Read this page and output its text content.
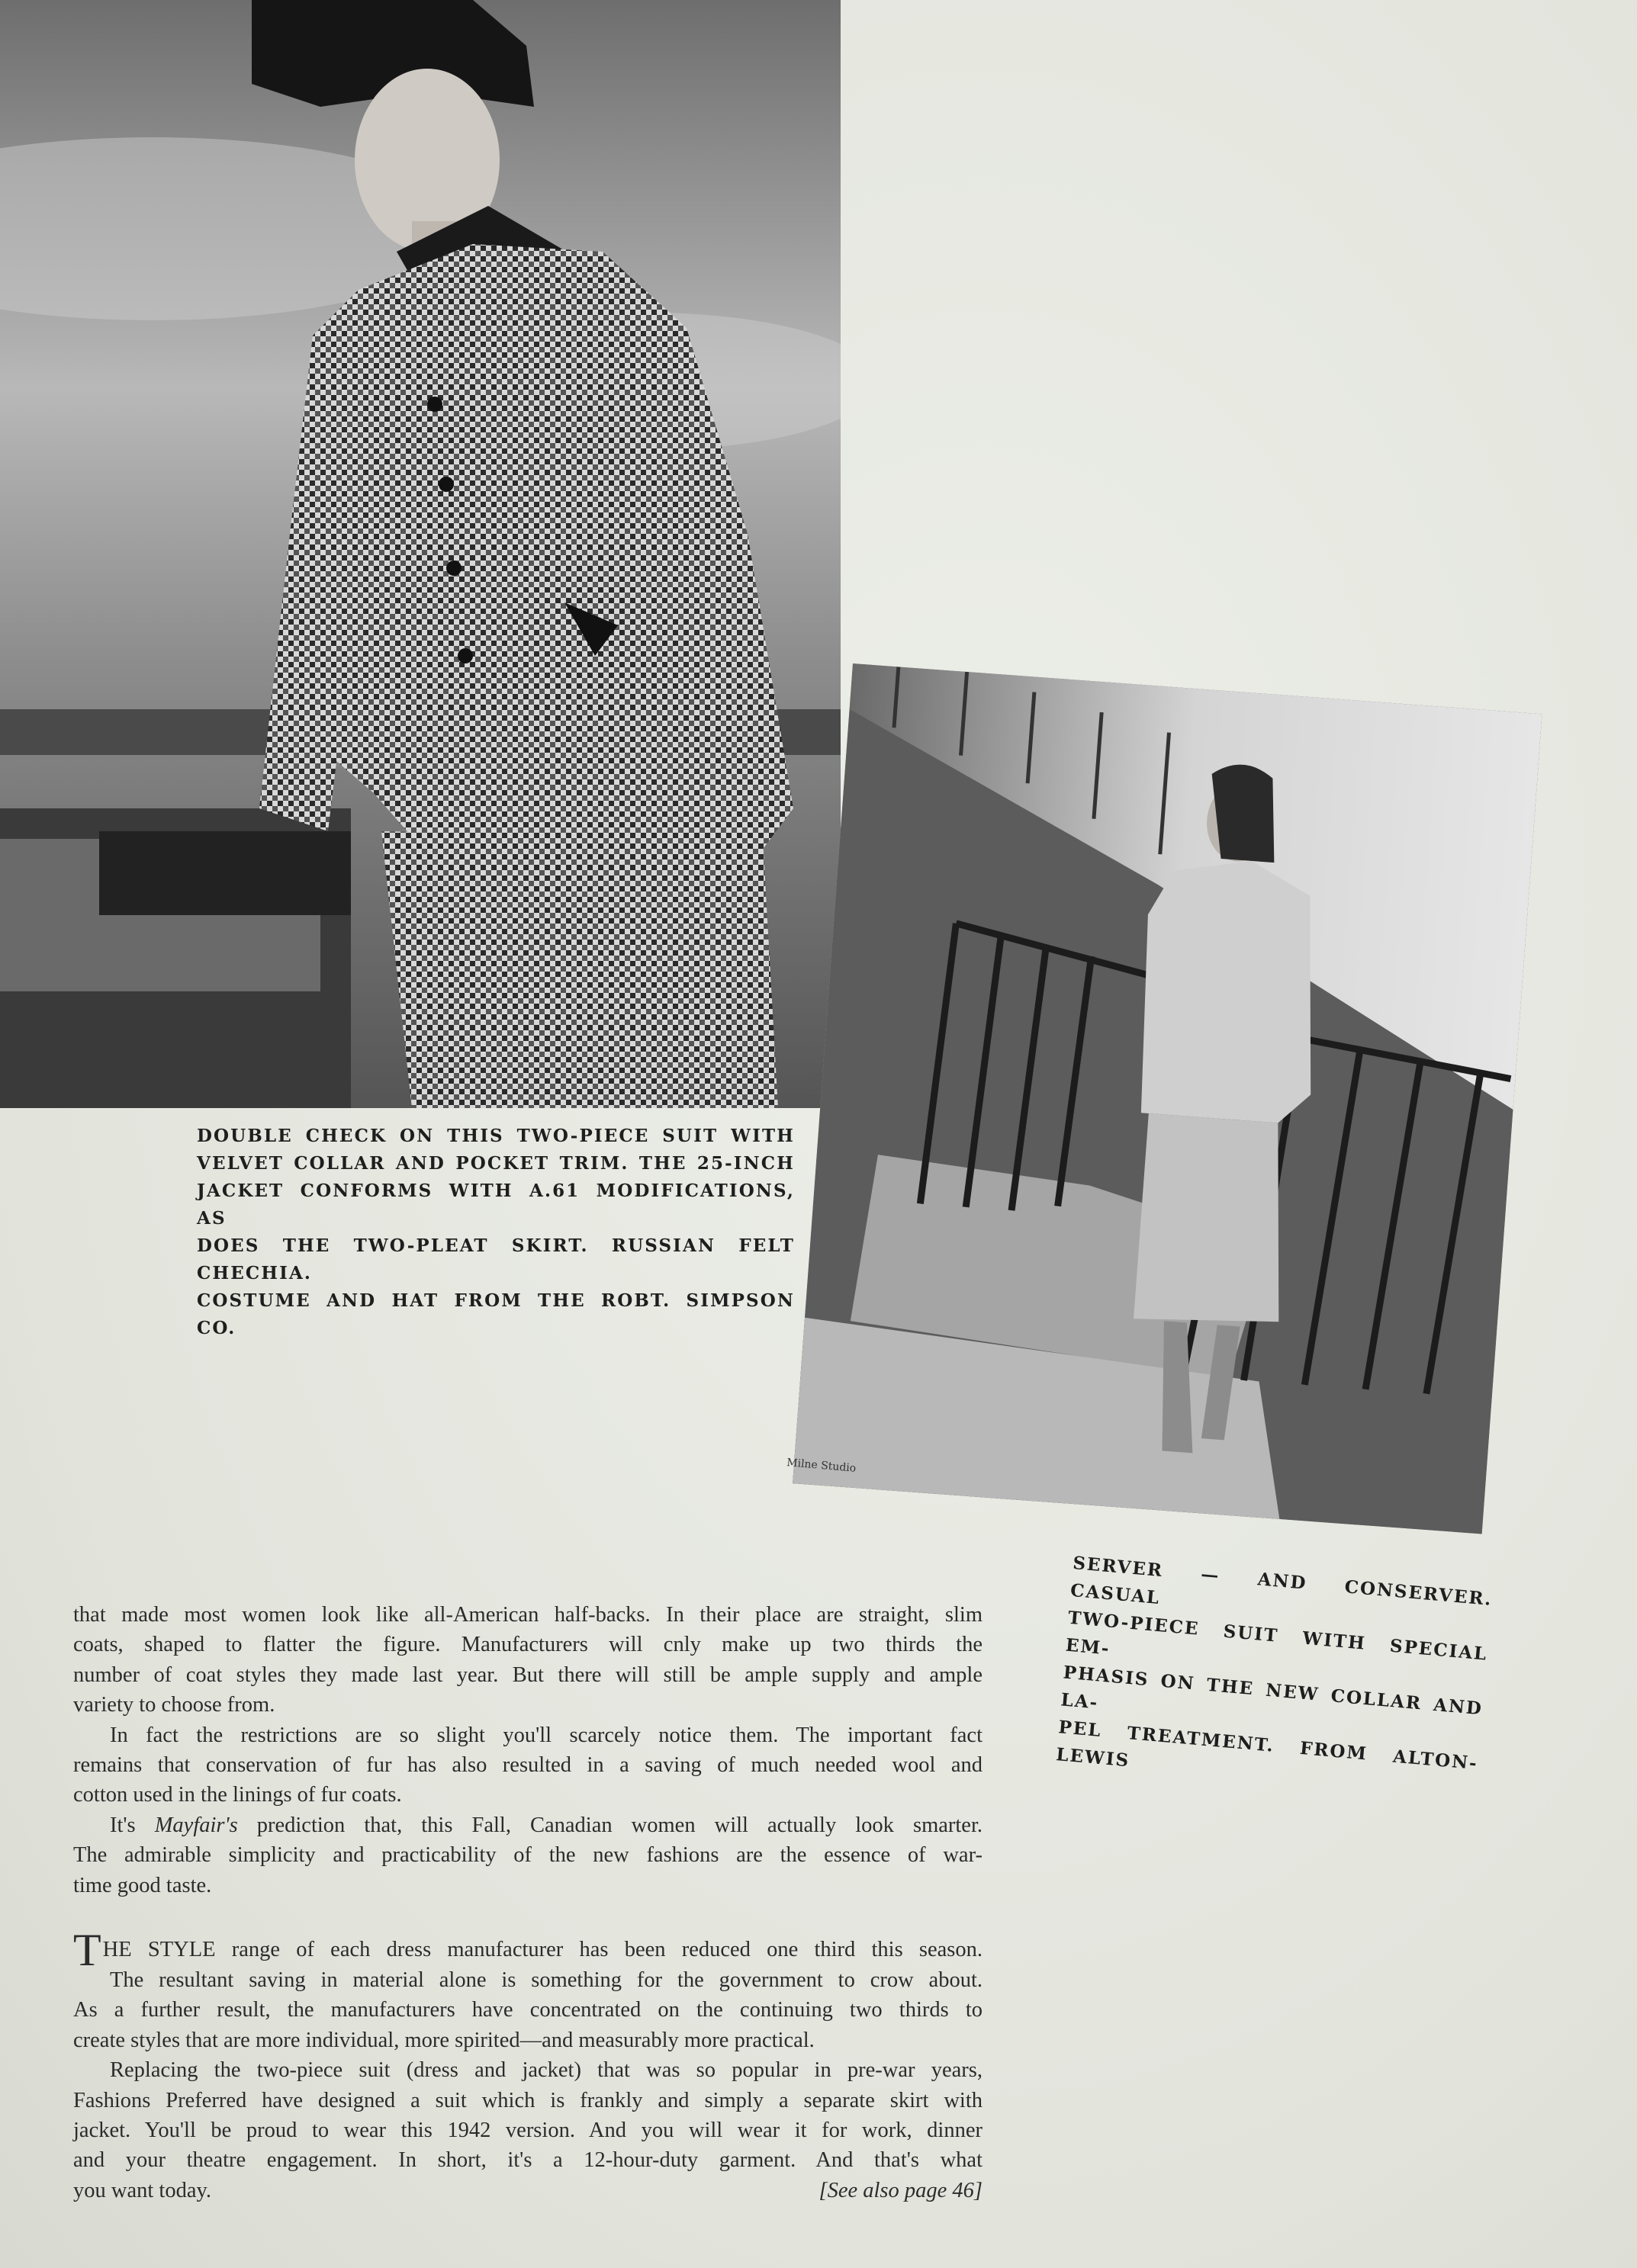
DOUBLE CHECK ON THIS TWO-PIECE SUIT WITH
VELVET COLLAR AND POCKET TRIM. THE 25-INCH
JACKET CONFORMS WITH A.61 MODIFICATIONS, AS
DOES THE TWO-PLEAT SKIRT. RUSSIAN FELT CHECHIA.
COSTUME AND HAT FROM THE ROBT. SIMPSON CO.
Milne Studio
SERVER — AND CONSERVER. CASUAL
TWO-PIECE SUIT WITH SPECIAL EM-
PHASIS ON THE NEW COLLAR AND LA-
PEL TREATMENT. FROM ALTON-LEWIS
that made most women look like all-American half-backs. In their place are straight, slim
coats, shaped to flatter the figure. Manufacturers will cnly make up two thirds the
number of coat styles they made last year. But there will still be ample supply and ample
variety to choose from.
In fact the restrictions are so slight you'll scarcely notice them. The important fact
remains that conservation of fur has also resulted in a saving of much needed wool and
cotton used in the linings of fur coats.
It's Mayfair's prediction that, this Fall, Canadian women will actually look smarter.
The admirable simplicity and practicability of the new fashions are the essence of war-
time good taste.
THE STYLE range of each dress manufacturer has been reduced one third this season.
The resultant saving in material alone is something for the government to crow about.
As a further result, the manufacturers have concentrated on the continuing two thirds to
create styles that are more individual, more spirited—and measurably more practical.
Replacing the two-piece suit (dress and jacket) that was so popular in pre-war years,
Fashions Preferred have designed a suit which is frankly and simply a separate skirt with
jacket. You'll be proud to wear this 1942 version. And you will wear it for work, dinner
and your theatre engagement. In short, it's a 12-hour-duty garment. And that's what
you want today.	[See also page 46]
